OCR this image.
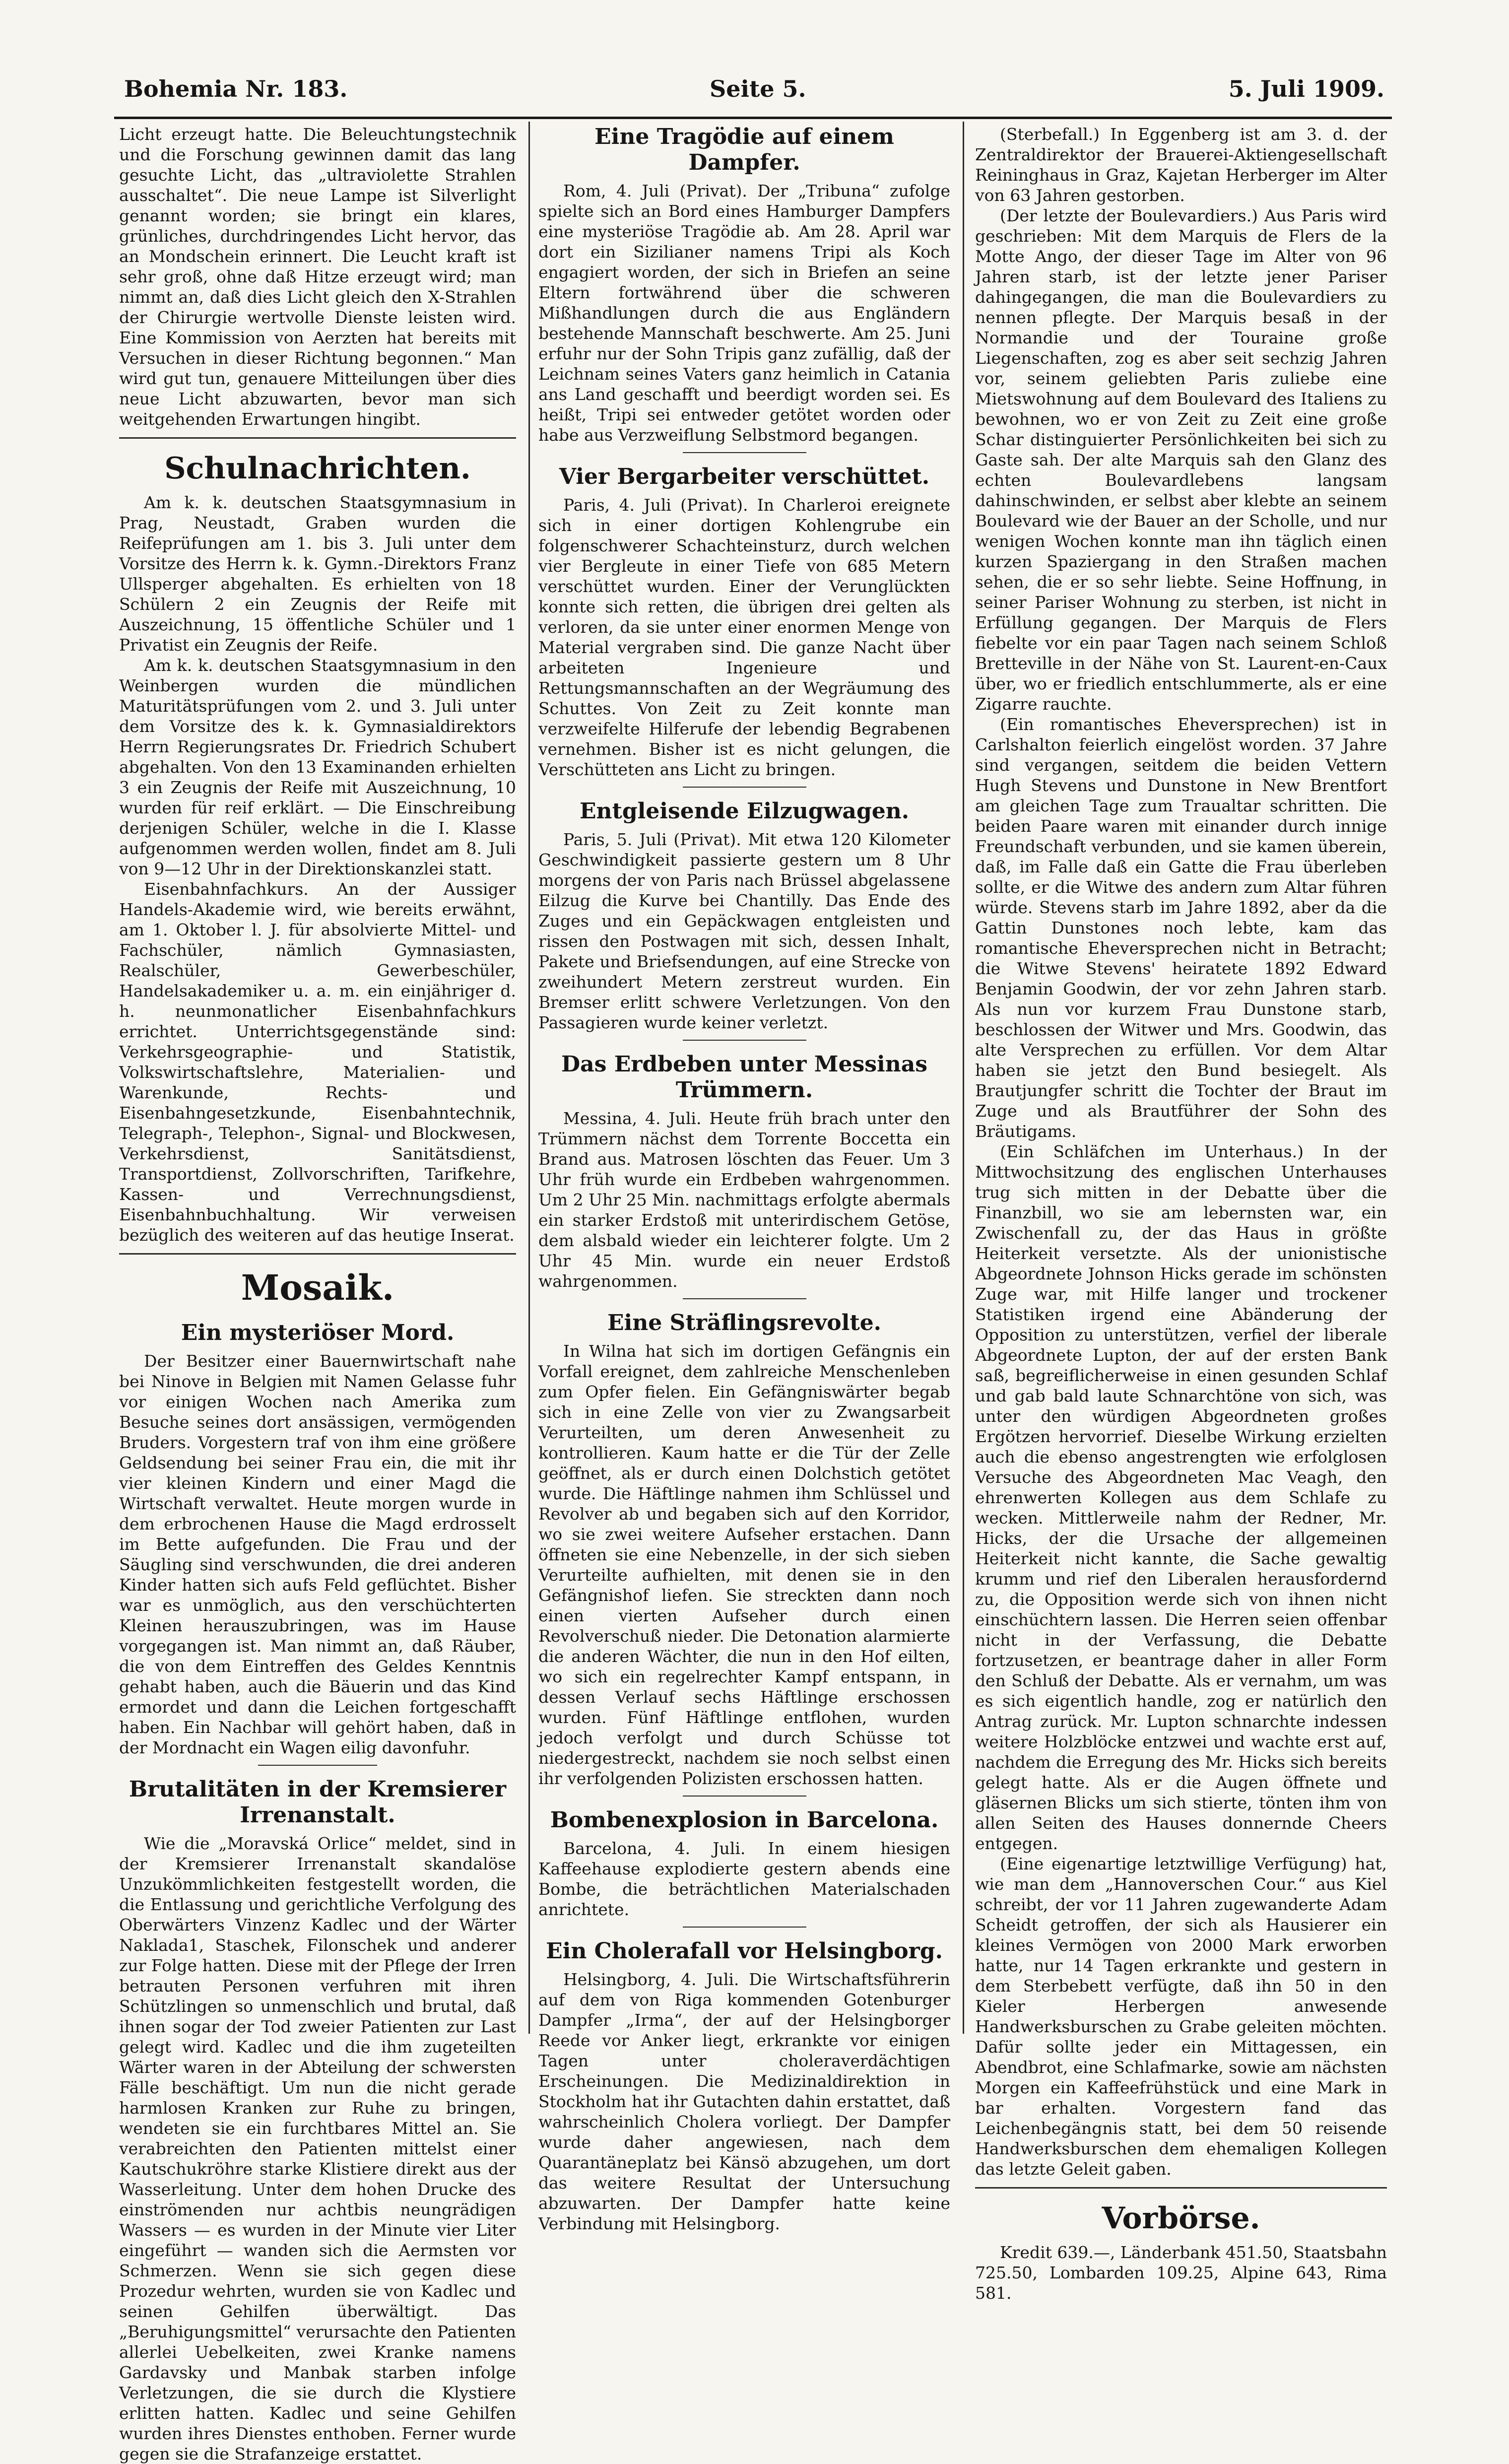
Bohemia Nr. 183.	Seite 5.	5. Juli 1909.

Licht erzeugt hatte. Die Beleuchtungstechnik und die Forschung gewinnen damit das lang gesuchte Licht, das „ultraviolette Strahlen ausschaltet“. Die neue Lampe ist Silverlight genannt worden; sie bringt ein klares, grünliches, durchdringendes Licht hervor, das an Mondschein erinnert. Die Leucht kraft ist sehr groß, ohne daß Hitze erzeugt wird; man nimmt an, daß dies Licht gleich den X-Strahlen der Chirurgie wertvolle Dienste leisten wird. Eine Kommission von Aerzten hat bereits mit Versuchen in dieser Richtung begonnen.“ Man wird gut tun, genauere Mitteilungen über dies neue Licht abzuwarten, bevor man sich weitgehenden Erwartungen hingibt.

Schulnachrichten.

Am k. k. deutschen Staatsgymnasium in Prag, Neustadt, Graben wurden die Reifeprüfungen am 1. bis 3. Juli unter dem Vorsitze des Herrn k. k. Gymn.-Direktors Franz Ullsperger abgehalten. Es erhielten von 18 Schülern 2 ein Zeugnis der Reife mit Auszeichnung, 15 öffentliche Schüler und 1 Privatist ein Zeugnis der Reife.

Am k. k. deutschen Staatsgymnasium in den Weinbergen wurden die mündlichen Maturitätsprüfungen vom 2. und 3. Juli unter dem Vorsitze des k. k. Gymnasialdirektors Herrn Regierungsrates Dr. Friedrich Schubert abgehalten. Von den 13 Examinanden erhielten 3 ein Zeugnis der Reife mit Auszeichnung, 10 wurden für reif erklärt. — Die Einschreibung derjenigen Schüler, welche in die I. Klasse aufgenommen werden wollen, findet am 8. Juli von 9—12 Uhr in der Direktionskanzlei statt.

Eisenbahnfachkurs. An der Aussiger Handels-Akademie wird, wie bereits erwähnt, am 1. Oktober l. J. für absolvierte Mittel- und Fachschüler, nämlich Gymnasiasten, Realschüler, Gewerbeschüler, Handelsakademiker u. a. m. ein einjähriger d. h. neunmonatlicher Eisenbahnfachkurs errichtet. Unterrichtsgegenstände sind: Verkehrsgeographie- und Statistik, Volkswirtschaftslehre, Materialien- und Warenkunde, Rechts- und Eisenbahngesetzkunde, Eisenbahntechnik, Telegraph-, Telephon-, Signal- und Blockwesen, Verkehrsdienst, Sanitätsdienst, Transportdienst, Zollvorschriften, Tarifkehre, Kassen- und Verrechnungsdienst, Eisenbahnbuchhaltung. Wir verweisen bezüglich des weiteren auf das heutige Inserat.

Mosaik.
Ein mysteriöser Mord.

Der Besitzer einer Bauernwirtschaft nahe bei Ninove in Belgien mit Namen Gelasse fuhr vor einigen Wochen nach Amerika zum Besuche seines dort ansässigen, vermögenden Bruders. Vorgestern traf von ihm eine größere Geldsendung bei seiner Frau ein, die mit ihr vier kleinen Kindern und einer Magd die Wirtschaft verwaltet. Heute morgen wurde in dem erbrochenen Hause die Magd erdrosselt im Bette aufgefunden. Die Frau und der Säugling sind verschwunden, die drei anderen Kinder hatten sich aufs Feld geflüchtet. Bisher war es unmöglich, aus den verschüchterten Kleinen herauszubringen, was im Hause vorgegangen ist. Man nimmt an, daß Räuber, die von dem Eintreffen des Geldes Kenntnis gehabt haben, auch die Bäuerin und das Kind ermordet und dann die Leichen fortgeschafft haben. Ein Nachbar will gehört haben, daß in der Mordnacht ein Wagen eilig davonfuhr.

Brutalitäten in der Kremsierer Irrenanstalt.

Wie die „Moravská Orlice“ meldet, sind in der Kremsierer Irrenanstalt skandalöse Unzukömmlichkeiten festgestellt worden, die die Entlassung und gerichtliche Verfolgung des Oberwärters Vinzenz Kadlec und der Wärter Naklada1, Staschek, Filonschek und anderer zur Folge hatten. Diese mit der Pflege der Irren betrauten Personen verfuhren mit ihren Schützlingen so unmenschlich und brutal, daß ihnen sogar der Tod zweier Patienten zur Last gelegt wird. Kadlec und die ihm zugeteilten Wärter waren in der Abteilung der schwersten Fälle beschäftigt. Um nun die nicht gerade harmlosen Kranken zur Ruhe zu bringen, wendeten sie ein furchtbares Mittel an. Sie verabreichten den Patienten mittelst einer Kautschukröhre starke Klistiere direkt aus der Wasserleitung. Unter dem hohen Drucke des einströmenden nur achtbis neungrädigen Wassers — es wurden in der Minute vier Liter eingeführt — wanden sich die Aermsten vor Schmerzen. Wenn sie sich gegen diese Prozedur wehrten, wurden sie von Kadlec und seinen Gehilfen überwältigt. Das „Beruhigungsmittel“ verursachte den Patienten allerlei Uebelkeiten, zwei Kranke namens Gardavsky und Manbak starben infolge Verletzungen, die sie durch die Klystiere erlitten hatten. Kadlec und seine Gehilfen wurden ihres Dienstes enthoben. Ferner wurde gegen sie die Strafanzeige erstattet.

Eine Tragödie auf einem Dampfer.

Rom, 4. Juli (Privat). Der „Tribuna“ zufolge spielte sich an Bord eines Hamburger Dampfers eine mysteriöse Tragödie ab. Am 28. April war dort ein Sizilianer namens Tripi als Koch engagiert worden, der sich in Briefen an seine Eltern fortwährend über die schweren Mißhandlungen durch die aus Engländern bestehende Mannschaft beschwerte. Am 25. Juni erfuhr nur der Sohn Tripis ganz zufällig, daß der Leichnam seines Vaters ganz heimlich in Catania ans Land geschafft und beerdigt worden sei. Es heißt, Tripi sei entweder getötet worden oder habe aus Verzweiflung Selbstmord begangen.

Vier Bergarbeiter verschüttet.

Paris, 4. Juli (Privat). In Charleroi ereignete sich in einer dortigen Kohlengrube ein folgenschwerer Schachteinsturz, durch welchen vier Bergleute in einer Tiefe von 685 Metern verschüttet wurden. Einer der Verunglückten konnte sich retten, die übrigen drei gelten als verloren, da sie unter einer enormen Menge von Material vergraben sind. Die ganze Nacht über arbeiteten Ingenieure und Rettungsmannschaften an der Wegräumung des Schuttes. Von Zeit zu Zeit konnte man verzweifelte Hilferufe der lebendig Begrabenen vernehmen. Bisher ist es nicht gelungen, die Verschütteten ans Licht zu bringen.

Entgleisende Eilzugwagen.

Paris, 5. Juli (Privat). Mit etwa 120 Kilometer Geschwindigkeit passierte gestern um 8 Uhr morgens der von Paris nach Brüssel abgelassene Eilzug die Kurve bei Chantilly. Das Ende des Zuges und ein Gepäckwagen entgleisten und rissen den Postwagen mit sich, dessen Inhalt, Pakete und Briefsendungen, auf eine Strecke von zweihundert Metern zerstreut wurden. Ein Bremser erlitt schwere Verletzungen. Von den Passagieren wurde keiner verletzt.

Das Erdbeben unter Messinas Trümmern.

Messina, 4. Juli. Heute früh brach unter den Trümmern nächst dem Torrente Boccetta ein Brand aus. Matrosen löschten das Feuer. Um 3 Uhr früh wurde ein Erdbeben wahrgenommen. Um 2 Uhr 25 Min. nachmittags erfolgte abermals ein starker Erdstoß mit unterirdischem Getöse, dem alsbald wieder ein leichterer folgte. Um 2 Uhr 45 Min. wurde ein neuer Erdstoß wahrgenommen.

Eine Sträflingsrevolte.

In Wilna hat sich im dortigen Gefängnis ein Vorfall ereignet, dem zahlreiche Menschenleben zum Opfer fielen. Ein Gefängniswärter begab sich in eine Zelle von vier zu Zwangsarbeit Verurteilten, um deren Anwesenheit zu kontrollieren. Kaum hatte er die Tür der Zelle geöffnet, als er durch einen Dolchstich getötet wurde. Die Häftlinge nahmen ihm Schlüssel und Revolver ab und begaben sich auf den Korridor, wo sie zwei weitere Aufseher erstachen. Dann öffneten sie eine Nebenzelle, in der sich sieben Verurteilte aufhielten, mit denen sie in den Gefängnishof liefen. Sie streckten dann noch einen vierten Aufseher durch einen Revolverschuß nieder. Die Detonation alarmierte die anderen Wächter, die nun in den Hof eilten, wo sich ein regelrechter Kampf entspann, in dessen Verlauf sechs Häftlinge erschossen wurden. Fünf Häftlinge entflohen, wurden jedoch verfolgt und durch Schüsse tot niedergestreckt, nachdem sie noch selbst einen ihr verfolgenden Polizisten erschossen hatten.

Bombenexplosion in Barcelona.

Barcelona, 4. Juli. In einem hiesigen Kaffeehause explodierte gestern abends eine Bombe, die beträchtlichen Materialschaden anrichtete.

Ein Cholerafall vor Helsingborg.

Helsingborg, 4. Juli. Die Wirtschaftsführerin auf dem von Riga kommenden Gotenburger Dampfer „Irma“, der auf der Helsingborger Reede vor Anker liegt, erkrankte vor einigen Tagen unter choleraverdächtigen Erscheinungen. Die Medizinaldirektion in Stockholm hat ihr Gutachten dahin erstattet, daß wahrscheinlich Cholera vorliegt. Der Dampfer wurde daher angewiesen, nach dem Quarantäneplatz bei Känsö abzugehen, um dort das weitere Resultat der Untersuchung abzuwarten. Der Dampfer hatte keine Verbindung mit Helsingborg.

(Sterbefall.) In Eggenberg ist am 3. d. der Zentraldirektor der Brauerei-Aktiengesellschaft Reininghaus in Graz, Kajetan Herberger im Alter von 63 Jahren gestorben.

(Der letzte der Boulevardiers.) Aus Paris wird geschrieben: Mit dem Marquis de Flers de la Motte Ango, der dieser Tage im Alter von 96 Jahren starb, ist der letzte jener Pariser dahingegangen, die man die Boulevardiers zu nennen pflegte. Der Marquis besaß in der Normandie und der Touraine große Liegenschaften, zog es aber seit sechzig Jahren vor, seinem geliebten Paris zuliebe eine Mietswohnung auf dem Boulevard des Italiens zu bewohnen, wo er von Zeit zu Zeit eine große Schar distinguierter Persönlichkeiten bei sich zu Gaste sah. Der alte Marquis sah den Glanz des echten Boulevardlebens langsam dahinschwinden, er selbst aber klebte an seinem Boulevard wie der Bauer an der Scholle, und nur wenigen Wochen konnte man ihn täglich einen kurzen Spaziergang in den Straßen machen sehen, die er so sehr liebte. Seine Hoffnung, in seiner Pariser Wohnung zu sterben, ist nicht in Erfüllung gegangen. Der Marquis de Flers fiebelte vor ein paar Tagen nach seinem Schloß Bretteville in der Nähe von St. Laurent-en-Caux über, wo er friedlich entschlummerte, als er eine Zigarre rauchte.

(Ein romantisches Eheversprechen) ist in Carlshalton feierlich eingelöst worden. 37 Jahre sind vergangen, seitdem die beiden Vettern Hugh Stevens und Dunstone in New Brentfort am gleichen Tage zum Traualtar schritten. Die beiden Paare waren mit einander durch innige Freundschaft verbunden, und sie kamen überein, daß, im Falle daß ein Gatte die Frau überleben sollte, er die Witwe des andern zum Altar führen würde. Stevens starb im Jahre 1892, aber da die Gattin Dunstones noch lebte, kam das romantische Eheversprechen nicht in Betracht; die Witwe Stevens' heiratete 1892 Edward Benjamin Goodwin, der vor zehn Jahren starb. Als nun vor kurzem Frau Dunstone starb, beschlossen der Witwer und Mrs. Goodwin, das alte Versprechen zu erfüllen. Vor dem Altar haben sie jetzt den Bund besiegelt. Als Brautjungfer schritt die Tochter der Braut im Zuge und als Brautführer der Sohn des Bräutigams.

(Ein Schläfchen im Unterhaus.) In der Mittwochsitzung des englischen Unterhauses trug sich mitten in der Debatte über die Finanzbill, wo sie am lebernsten war, ein Zwischenfall zu, der das Haus in größte Heiterkeit versetzte. Als der unionistische Abgeordnete Johnson Hicks gerade im schönsten Zuge war, mit Hilfe langer und trockener Statistiken irgend eine Abänderung der Opposition zu unterstützen, verfiel der liberale Abgeordnete Lupton, der auf der ersten Bank saß, begreiflicherweise in einen gesunden Schlaf und gab bald laute Schnarchtöne von sich, was unter den würdigen Abgeordneten großes Ergötzen hervorrief. Dieselbe Wirkung erzielten auch die ebenso angestrengten wie erfolglosen Versuche des Abgeordneten Mac Veagh, den ehrenwerten Kollegen aus dem Schlafe zu wecken. Mittlerweile nahm der Redner, Mr. Hicks, der die Ursache der allgemeinen Heiterkeit nicht kannte, die Sache gewaltig krumm und rief den Liberalen herausfordernd zu, die Opposition werde sich von ihnen nicht einschüchtern lassen. Die Herren seien offenbar nicht in der Verfassung, die Debatte fortzusetzen, er beantrage daher in aller Form den Schluß der Debatte. Als er vernahm, um was es sich eigentlich handle, zog er natürlich den Antrag zurück. Mr. Lupton schnarchte indessen weitere Holzblöcke entzwei und wachte erst auf, nachdem die Erregung des Mr. Hicks sich bereits gelegt hatte. Als er die Augen öffnete und gläsernen Blicks um sich stierte, tönten ihm von allen Seiten des Hauses donnernde Cheers entgegen.

(Eine eigenartige letztwillige Verfügung) hat, wie man dem „Hannoverschen Cour.“ aus Kiel schreibt, der vor 11 Jahren zugewanderte Adam Scheidt getroffen, der sich als Hausierer ein kleines Vermögen von 2000 Mark erworben hatte, nur 14 Tagen erkrankte und gestern in dem Sterbebett verfügte, daß ihn 50 in den Kieler Herbergen anwesende Handwerksburschen zu Grabe geleiten möchten. Dafür sollte jeder ein Mittagessen, ein Abendbrot, eine Schlafmarke, sowie am nächsten Morgen ein Kaffeefrühstück und eine Mark in bar erhalten. Vorgestern fand das Leichenbegängnis statt, bei dem 50 reisende Handwerksburschen dem ehemaligen Kollegen das letzte Geleit gaben.

Vorbörse.

Kredit 639.—, Länderbank 451.50, Staatsbahn 725.50, Lombarden 109.25, Alpine 643, Rima 581.
